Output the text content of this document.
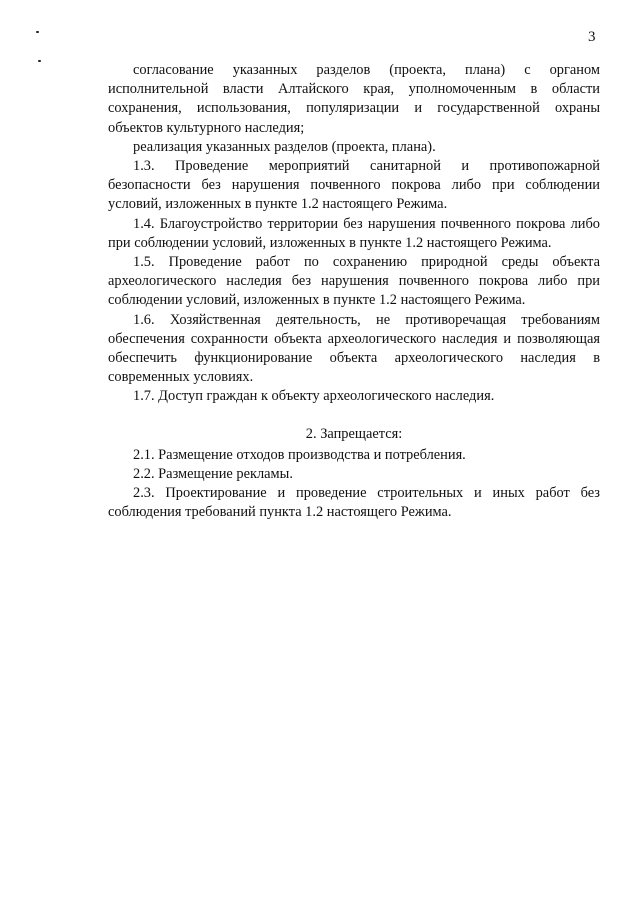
3

согласование указанных разделов (проекта, плана) с органом исполнительной власти Алтайского края, уполномоченным в области сохранения, использования, популяризации и государственной охраны объектов культурного наследия;

реализация указанных разделов (проекта, плана).

1.3. Проведение мероприятий санитарной и противопожарной безопасности без нарушения почвенного покрова либо при соблюдении условий, изложенных в пункте 1.2 настоящего Режима.

1.4. Благоустройство территории без нарушения почвенного покрова либо при соблюдении условий, изложенных в пункте 1.2 настоящего Режима.

1.5. Проведение работ по сохранению природной среды объекта археологического наследия без нарушения почвенного покрова либо при соблюдении условий, изложенных в пункте 1.2 настоящего Режима.

1.6. Хозяйственная деятельность, не противоречащая требованиям обеспечения сохранности объекта археологического наследия и позволяющая обеспечить функционирование объекта археологического наследия в современных условиях.

1.7. Доступ граждан к объекту археологического наследия.

2. Запрещается:

2.1. Размещение отходов производства и потребления.

2.2. Размещение рекламы.

2.3. Проектирование и проведение строительных и иных работ без соблюдения требований пункта 1.2 настоящего Режима.
